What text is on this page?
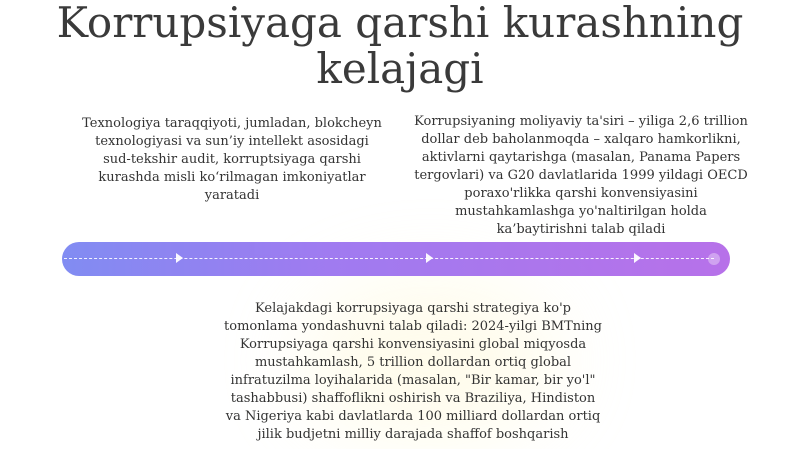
Korrupsiyaga qarshi kurashning kelajagi
Texnologiya taraqqiyoti, jumladan, blokcheyn texnologiyasi va sun’iy intellekt asosidagi sud-tekshir audit, korruptsiyaga qarshi kurashda misli ko‘rilmagan imkoniyatlar yaratadi
Korrupsiyaning moliyaviy ta'siri – yiliga 2,6 trillion dollar deb baholanmoqda – xalqaro hamkorlikni, aktivlarni qaytarishga (masalan, Panama Papers tergovlari) va G20 davlatlarida 1999 yildagi OECD poraxo'rlikka qarshi konvensiyasini mustahkamlashga yo'naltirilgan holda ka’baytirishni talab qiladi
Kelajakdagi korrupsiyaga qarshi strategiya ko'p tomonlama yondashuvni talab qiladi: 2024-yilgi BMTning Korrupsiyaga qarshi konvensiyasini global miqyosda mustahkamlash, 5 trillion dollardan ortiq global infratuzilma loyihalarida (masalan, "Bir kamar, bir yo'l" tashabbusi) shaffoflikni oshirish va Braziliya, Hindiston va Nigeriya kabi davlatlarda 100 milliard dollardan ortiq jilik budjetni milliy darajada shaffof boshqarish
